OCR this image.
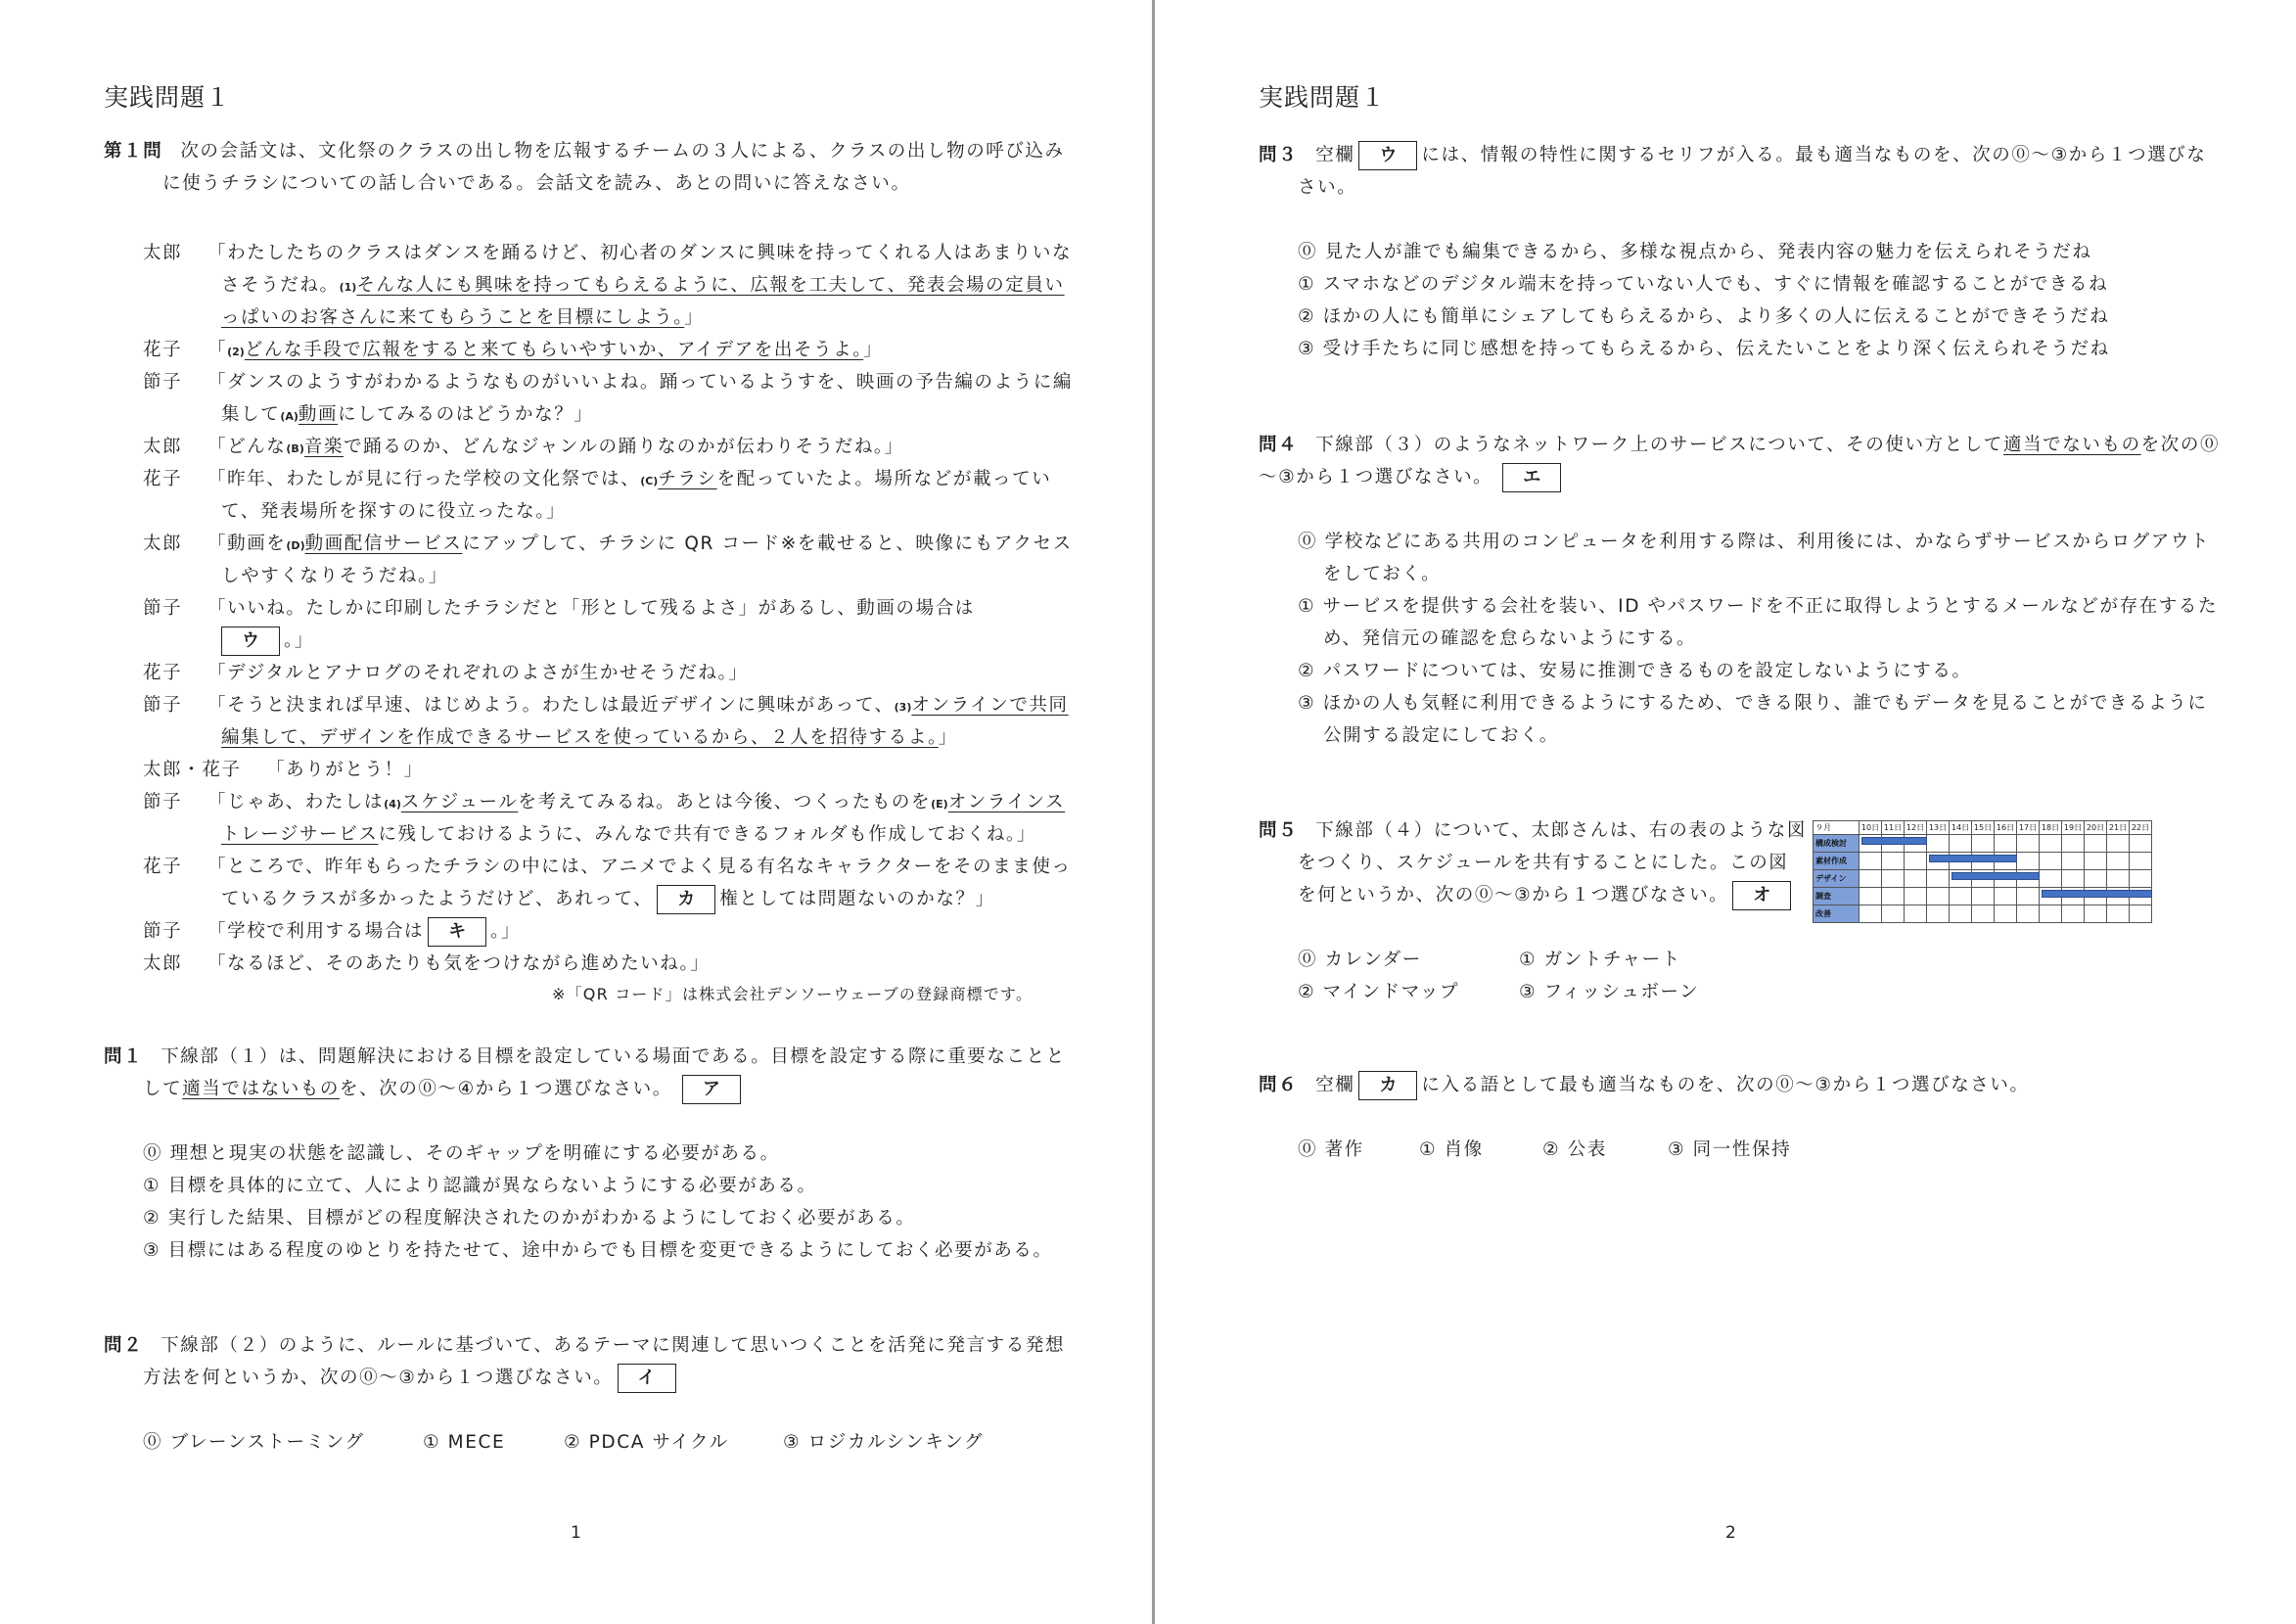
実践問題１
第１問 次の会話文は、文化祭のクラスの出し物を広報するチームの３人による、クラスの出し物の呼び込み
に使うチラシについての話し合いである。会話文を読み、あとの問いに答えなさい。
太郎 「わたしたちのクラスはダンスを踊るけど、初心者のダンスに興味を持ってくれる人はあまりいな
さそうだね。(1)そんな人にも興味を持ってもらえるように、広報を工夫して、発表会場の定員い
っぱいのお客さんに来てもらうことを目標にしよう。」
花子 「(2)どんな手段で広報をすると来てもらいやすいか、アイデアを出そうよ。」
節子 「ダンスのようすがわかるようなものがいいよね。踊っているようすを、映画の予告編のように編
集して(A)動画にしてみるのはどうかな？」
太郎 「どんな(B)音楽で踊るのか、どんなジャンルの踊りなのかが伝わりそうだね。」
花子 「昨年、わたしが見に行った学校の文化祭では、(C)チラシを配っていたよ。場所などが載ってい
て、発表場所を探すのに役立ったな。」
太郎 「動画を(D)動画配信サービスにアップして、チラシに QR コード※を載せると、映像にもアクセス
しやすくなりそうだね。」
節子 「いいね。たしかに印刷したチラシだと「形として残るよさ」があるし、動画の場合は
ウ 。」
花子 「デジタルとアナログのそれぞれのよさが生かせそうだね。」
節子 「そうと決まれば早速、はじめよう。わたしは最近デザインに興味があって、(3)オンラインで共同
編集して、デザインを作成できるサービスを使っているから、２人を招待するよ。」
太郎・花子 「ありがとう！」
節子 「じゃあ、わたしは(4)スケジュールを考えてみるね。あとは今後、つくったものを(E)オンラインス
トレージサービスに残しておけるように、みんなで共有できるフォルダも作成しておくね。」
花子 「ところで、昨年もらったチラシの中には、アニメでよく見る有名なキャラクターをそのまま使っ
ているクラスが多かったようだけど、あれって、 カ 権としては問題ないのかな？」
節子 「学校で利用する場合は キ 。」
太郎 「なるほど、そのあたりも気をつけながら進めたいね。」
※「QR コード」は株式会社デンソーウェーブの登録商標です。
問１ 下線部（１）は、問題解決における目標を設定している場面である。目標を設定する際に重要なことと
して適当ではないものを、次の⓪〜④から１つ選びなさい。 ア
⓪ 理想と現実の状態を認識し、そのギャップを明確にする必要がある。
① 目標を具体的に立て、人により認識が異ならないようにする必要がある。
② 実行した結果、目標がどの程度解決されたのかがわかるようにしておく必要がある。
③ 目標にはある程度のゆとりを持たせて、途中からでも目標を変更できるようにしておく必要がある。
問２ 下線部（２）のように、ルールに基づいて、あるテーマに関連して思いつくことを活発に発言する発想
方法を何というか、次の⓪〜③から１つ選びなさい。 イ
⓪ ブレーンストーミング	① MECE	② PDCA サイクル	③ ロジカルシンキング
1
実践問題１
問３ 空欄 ウ には、情報の特性に関するセリフが入る。最も適当なものを、次の⓪〜③から１つ選びな
さい。
⓪ 見た人が誰でも編集できるから、多様な視点から、発表内容の魅力を伝えられそうだね
① スマホなどのデジタル端末を持っていない人でも、すぐに情報を確認することができるね
② ほかの人にも簡単にシェアしてもらえるから、より多くの人に伝えることができそうだね
③ 受け手たちに同じ感想を持ってもらえるから、伝えたいことをより深く伝えられそうだね
問４ 下線部（３）のようなネットワーク上のサービスについて、その使い方として適当でないものを次の⓪
〜③から１つ選びなさい。 エ
⓪ 学校などにある共用のコンピュータを利用する際は、利用後には、かならずサービスからログアウト
をしておく。
① サービスを提供する会社を装い、ID やパスワードを不正に取得しようとするメールなどが存在するた
め、発信元の確認を怠らないようにする。
② パスワードについては、安易に推測できるものを設定しないようにする。
③ ほかの人も気軽に利用できるようにするため、できる限り、誰でもデータを見ることができるように
公開する設定にしておく。
問５ 下線部（４）について、太郎さんは、右の表のような図
をつくり、スケジュールを共有することにした。この図
を何というか、次の⓪〜③から１つ選びなさい。 オ
⓪ カレンダー	① ガントチャート
② マインドマップ	③ フィッシュボーン
９月	10日	11日	12日	13日	14日	15日	16日	17日	18日	19日	20日	21日	22日
構成検討													
素材作成													
デザイン													
調査													
改善													
問６ 空欄 カ に入る語として最も適当なものを、次の⓪〜③から１つ選びなさい。
⓪ 著作	① 肖像	② 公表	③ 同一性保持
2
